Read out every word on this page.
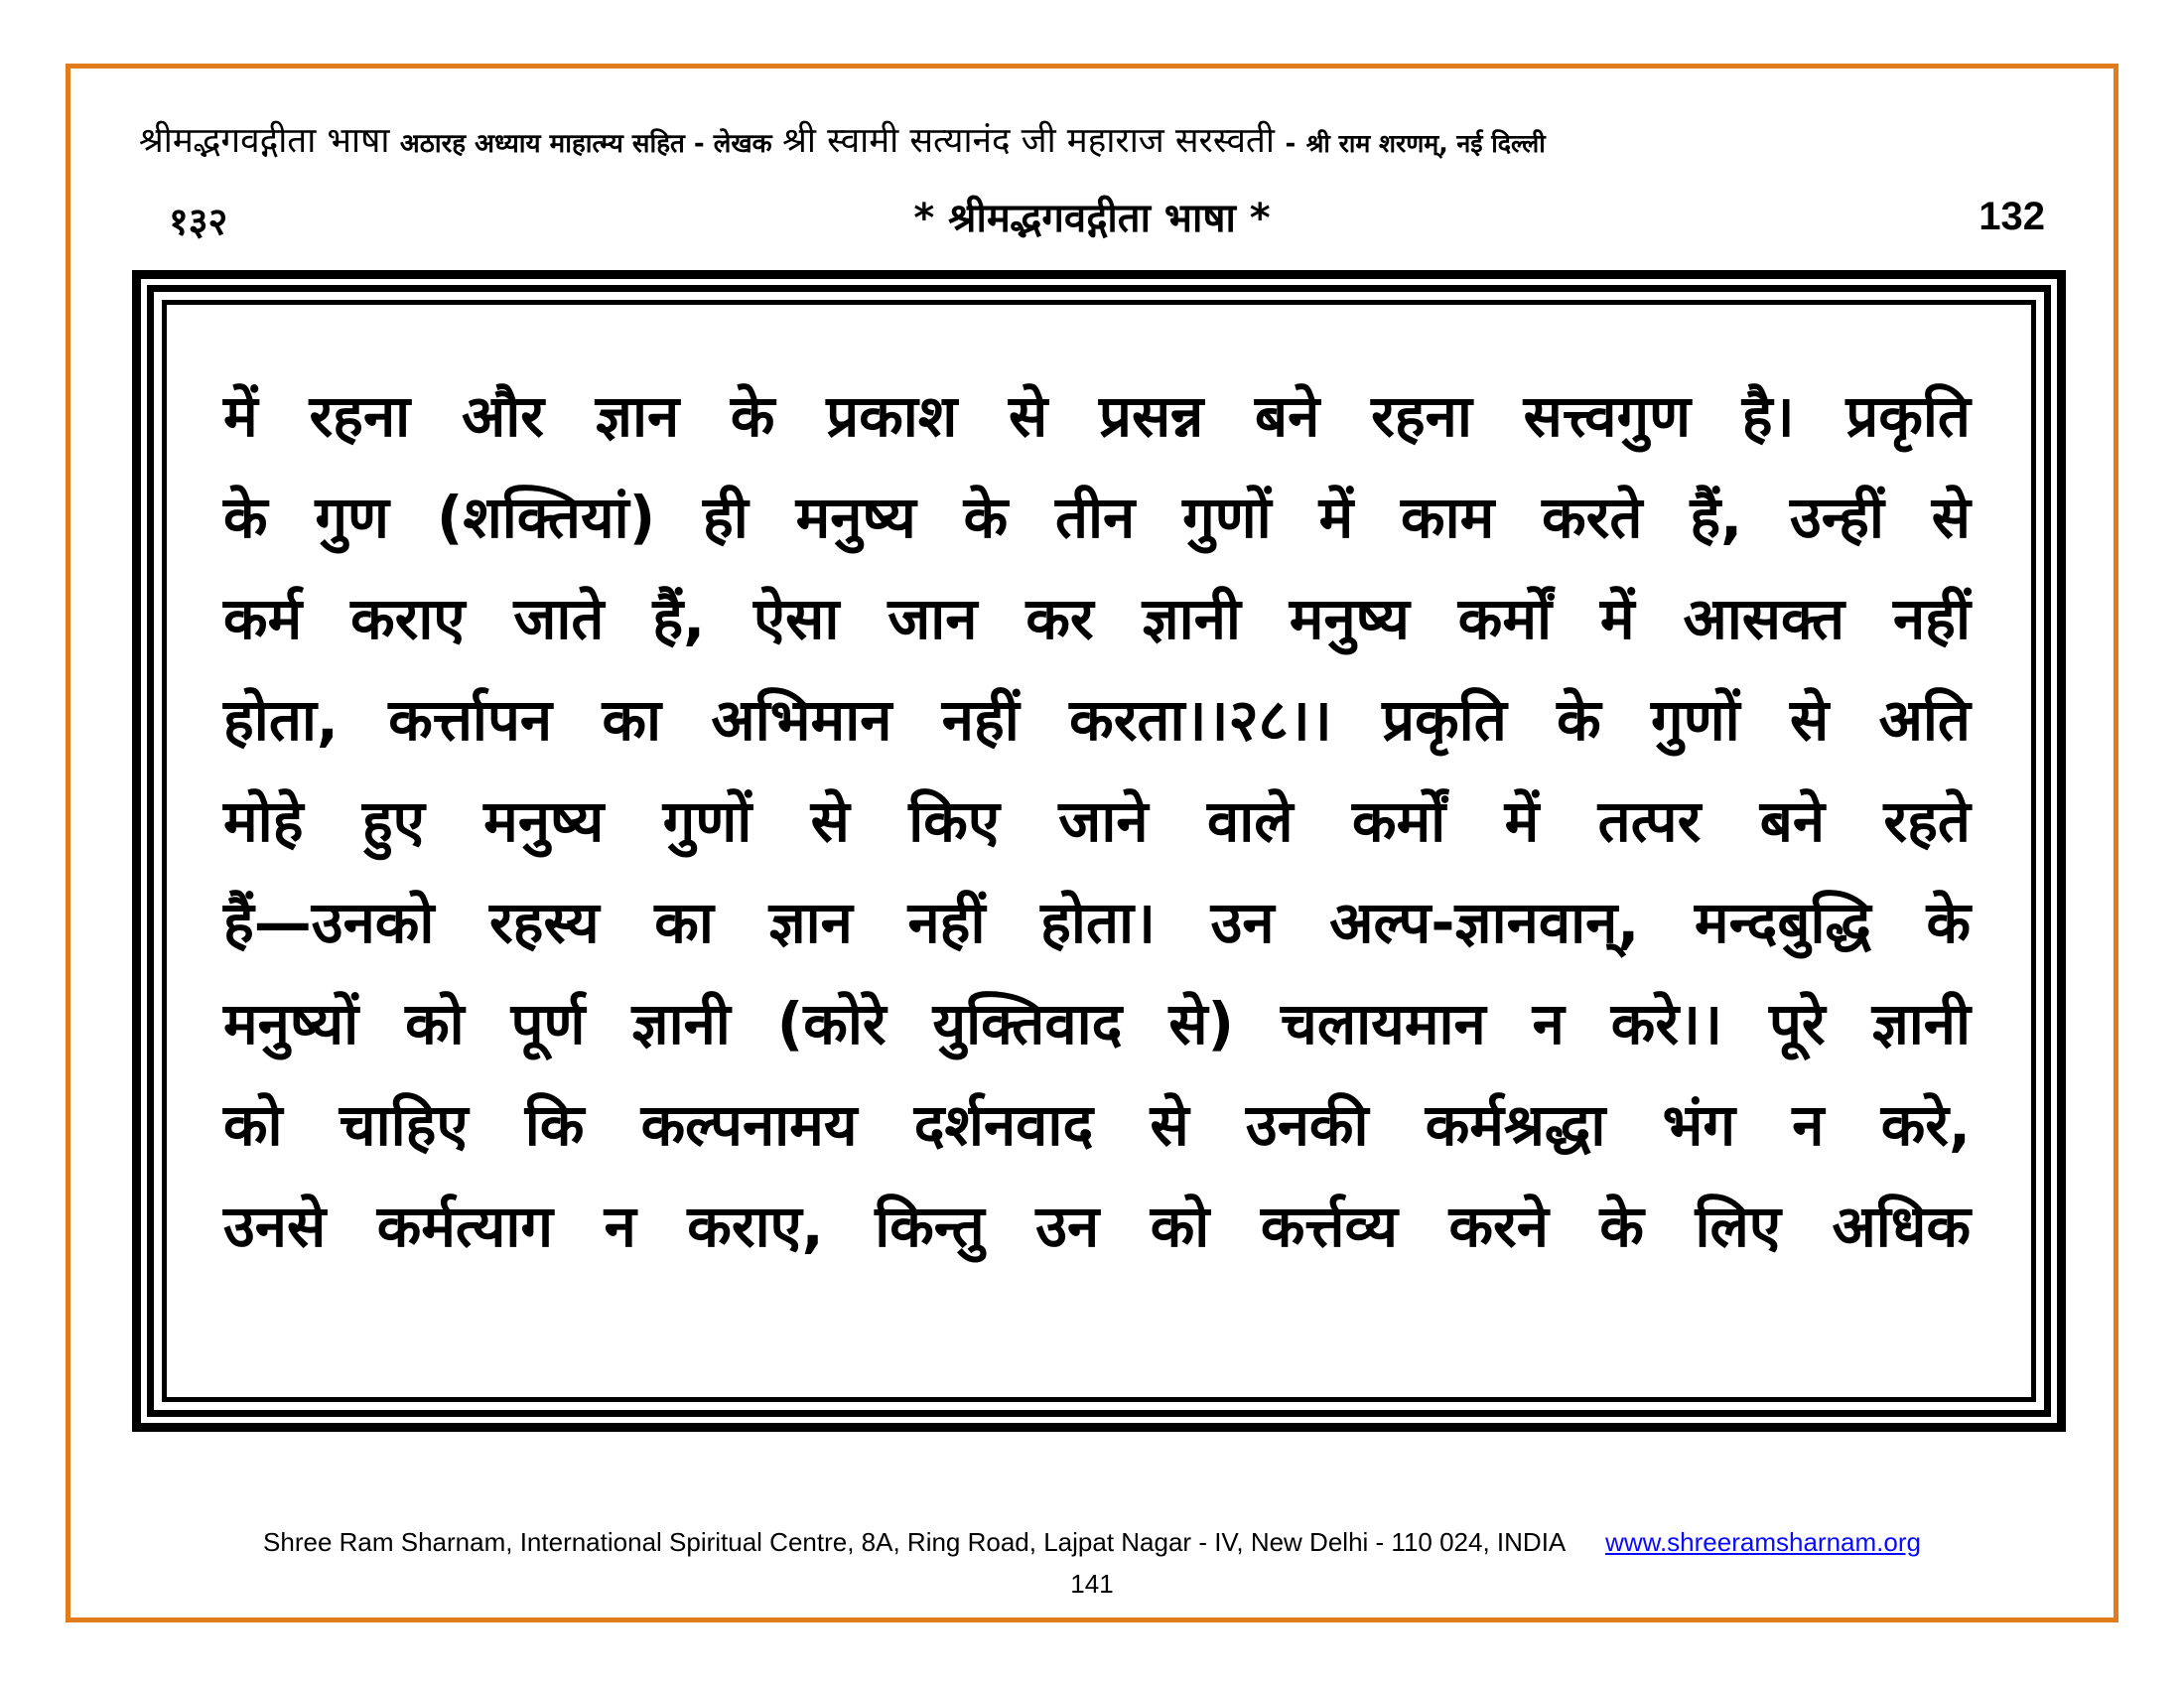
श्रीमद्भगवद्गीता भाषा अठारह अध्याय माहात्म्य सहित - लेखक श्री स्वामी सत्यानंद जी महाराज सरस्वती - श्री राम शरणम्, नई दिल्ली
१३२	* श्रीमद्भगवद्गीता भाषा *	132
में रहना और ज्ञान के प्रकाश से प्रसन्न बने रहना सत्त्वगुण है। प्रकृति
के गुण (शक्तियां) ही मनुष्य के तीन गुणों में काम करते हैं, उन्हीं से
कर्म कराए जाते हैं, ऐसा जान कर ज्ञानी मनुष्य कर्मों में आसक्त नहीं
होता, कर्त्तापन का अभिमान नहीं करता।।२८।। प्रकृति के गुणों से अति
मोहे हुए मनुष्य गुणों से किए जाने वाले कर्मों में तत्पर बने रहते
हैं—उनको रहस्य का ज्ञान नहीं होता। उन अल्प-ज्ञानवान्, मन्दबुद्धि के
मनुष्यों को पूर्ण ज्ञानी (कोरे युक्तिवाद से) चलायमान न करे।। पूरे ज्ञानी
को चाहिए कि कल्पनामय दर्शनवाद से उनकी कर्मश्रद्धा भंग न करे,
उनसे कर्मत्याग न कराए, किन्तु उन को कर्त्तव्य करने के लिए अधिक
Shree Ram Sharnam, International Spiritual Centre, 8A, Ring Road, Lajpat Nagar - IV, New Delhi - 110 024, INDIA www.shreeramsharnam.org
141
